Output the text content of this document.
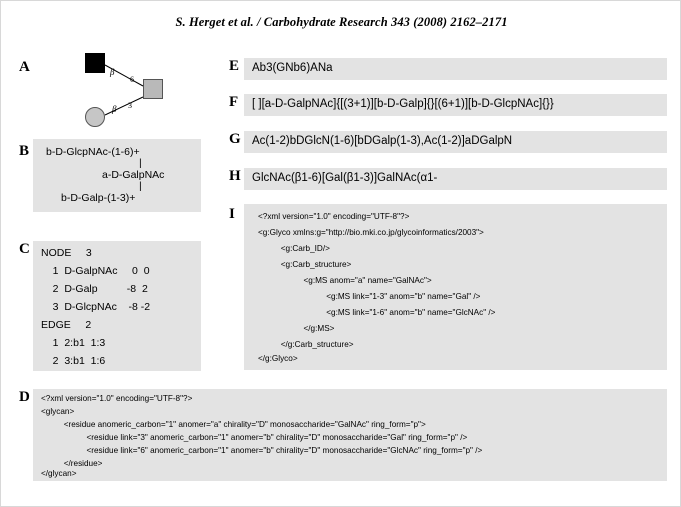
S. Herget et al. / Carbohydrate Research 343 (2008) 2162–2171
A	β
6
3
β
B b-D-GlcpNAc-(1-6)+
|
a-D-GalpNAc
|
b-D-Galp-(1-3)+
C NODE     3
1  D-GalpNAc     0  0
2  D-Galp          -8  2
3  D-GlcpNAc    -8 -2
EDGE     2
1  2:b1  1:3
2  3:b1  1:6
D <?xml version="1.0" encoding="UTF-8"?>
<glycan>
<residue anomeric_carbon="1" anomer="a" chirality="D" monosaccharide="GalNAc" ring_form="p">
<residue link="3" anomeric_carbon="1" anomer="b" chirality="D" monosaccharide="Gal" ring_form="p" />
<residue link="6" anomeric_carbon="1" anomer="b" chirality="D" monosaccharide="GlcNAc" ring_form="p" />
</residue>
</glycan>
E Ab3(GNb6)ANa
F [ ][a-D-GalpNAc]{[(3+1)][b-D-Galp]{}[(6+1)][b-D-GlcpNAc]{}}
G Ac(1-2)bDGlcN(1-6)[bDGalp(1-3),Ac(1-2)]aDGalpN
H GlcNAc(β1-6)[Gal(β1-3)]GalNAc(α1-
I	<?xml version="1.0" encoding="UTF-8"?>
<g:Glyco xmlns:g="http://bio.mki.co.jp/glycoinformatics/2003">
<g:Carb_ID/>
<g:Carb_structure>
<g:MS anom="a" name="GalNAc">
<g:MS link="1-3" anom="b" name="Gal" />
<g:MS link="1-6" anom="b" name="GlcNAc" />
</g:MS>
</g:Carb_structure>
</g:Glyco>
